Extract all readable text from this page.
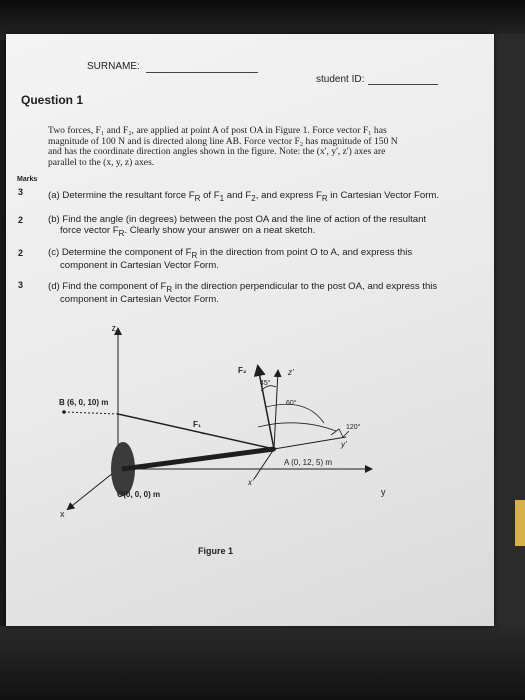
SURNAME:
student ID:
Question 1
Two forces, F₁ and F₂, are applied at point A of post OA in Figure 1. Force vector F₁ has
magnitude of 100 N and is directed along line AB. Force vector F₂ has magnitude of 150 N
and has the coordinate direction angles shown in the figure. Note: the (x', y', z') axes are
parallel to the (x, y, z) axes.
Marks
3	(a) Determine the resultant force $F_R$ of $F_1$ and $F_2$, and express $F_R$ in Cartesian Vector Form.
2	(b) Find the angle (in degrees) between the post OA and the line of action of the resultant
force vector $F_R$. Clearly show your answer on a neat sketch.
2	(c) Determine the component of $F_R$ in the direction from point O to A, and express this
component in Cartesian Vector Form.
3	(d) Find the component of $F_R$ in the direction perpendicular to the post OA, and express this
component in Cartesian Vector Form.
z
y
x
F₁
z'
y'
x'
F₂
45°
60°
120°
A (0, 12, 5) m
B (6, 0, 10) m
O(0, 0, 0) m
Figure 1
